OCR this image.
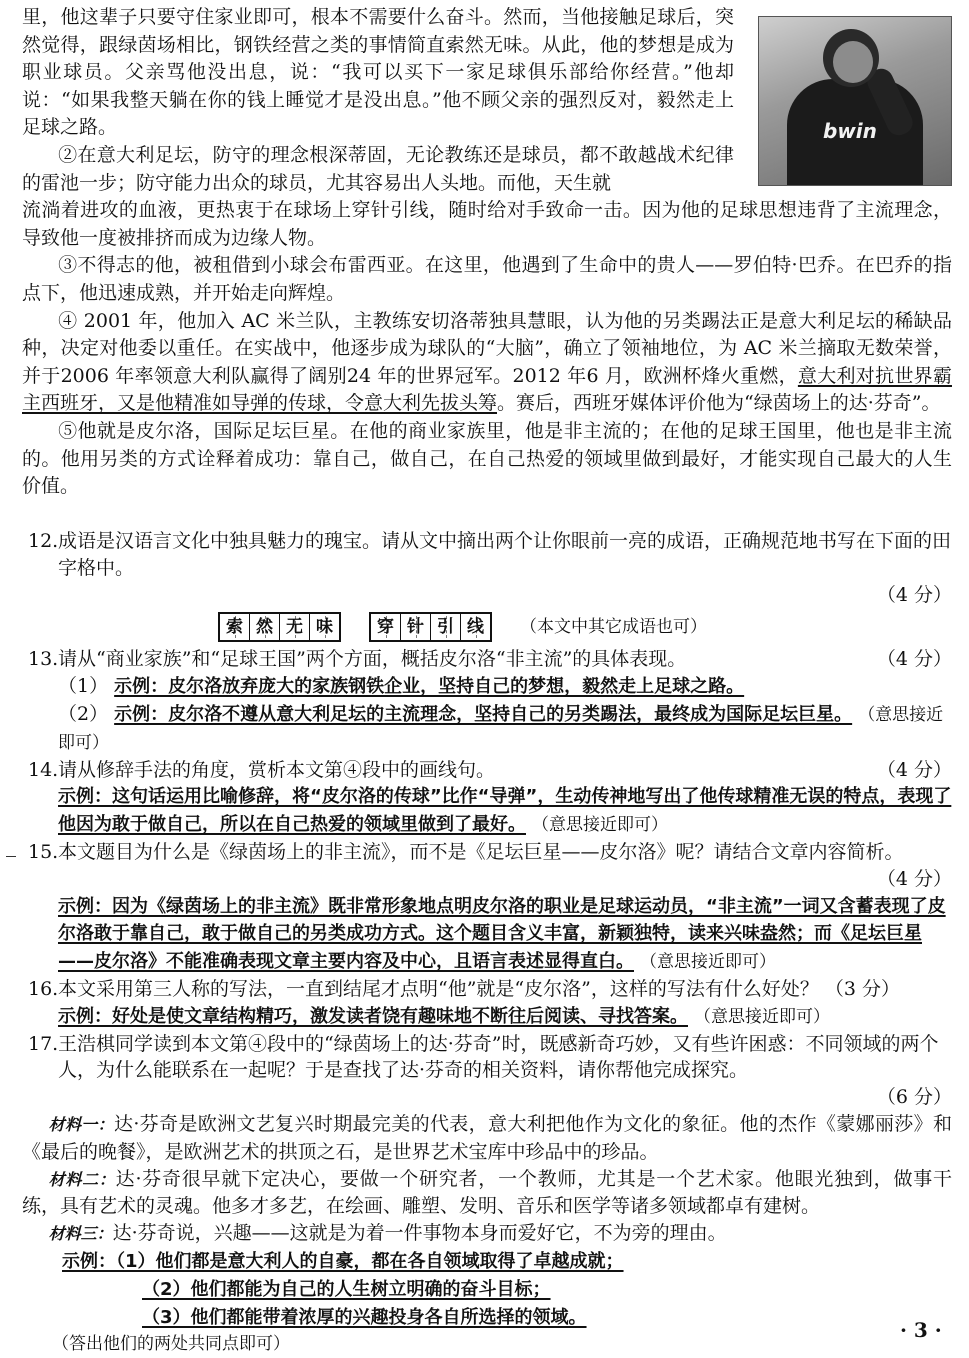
bwin

里，他这辈子只要守住家业即可，根本不需要什么奋斗。然而，当他接触足球后，突然觉得，跟绿茵场相比，钢铁经营之类的事情简直索然无味。从此，他的梦想是成为职业球员。父亲骂他没出息，说：“我可以买下一家足球俱乐部给你经营。”他却说：“如果我整天躺在你的钱上睡觉才是没出息。”他不顾父亲的强烈反对，毅然走上足球之路。

②在意大利足坛，防守的理念根深蒂固，无论教练还是球员，都不敢越战术纪律的雷池一步；防守能力出众的球员，尤其容易出人头地。而他，天生就

流淌着进攻的血液，更热衷于在球场上穿针引线，随时给对手致命一击。因为他的足球思想违背了主流理念，导致他一度被排挤而成为边缘人物。

③不得志的他，被租借到小球会布雷西亚。在这里，他遇到了生命中的贵人——罗伯特·巴乔。在巴乔的指点下，他迅速成熟，并开始走向辉煌。

④ 2001 年，他加入 AC 米兰队，主教练安切洛蒂独具慧眼，认为他的另类踢法正是意大利足坛的稀缺品种，决定对他委以重任。在实战中，他逐步成为球队的“大脑”，确立了领袖地位，为 AC 米兰摘取无数荣誉，并于2006 年率领意大利队赢得了阔别24 年的世界冠军。2012 年6 月，欧洲杯烽火重燃，意大利对抗世界霸主西班牙，又是他精准如导弹的传球，令意大利先拔头筹。赛后，西班牙媒体评价他为“绿茵场上的达·芬奇”。

⑤他就是皮尔洛，国际足坛巨星。在他的商业家族里，他是非主流的；在他的足球王国里，他也是非主流的。他用另类的方式诠释着成功：靠自己，做自己，在自己热爱的领域里做到最好，才能实现自己最大的人生价值。

12. 成语是汉语言文化中独具魅力的瑰宝。请从文中摘出两个让你眼前一亮的成语，正确规范地书写在下面的田字格中。
（4 分）
索 然 无 味	穿 针 引 线 （本文中其它成语也可）
13. 请从“商业家族”和“足球王国”两个方面，概括皮尔洛“非主流”的具体表现。	（4 分）
（1） 示例：皮尔洛放弃庞大的家族钢铁企业，坚持自己的梦想，毅然走上足球之路。
（2） 示例：皮尔洛不遵从意大利足坛的主流理念，坚持自己的另类踢法，最终成为国际足坛巨星。 （意思接近即可）
14. 请从修辞手法的角度，赏析本文第④段中的画线句。	（4 分）
示例：这句话运用比喻修辞，将“皮尔洛的传球”比作“导弹”，生动传神地写出了他传球精准无误的特点，表现了他因为敢于做自己，所以在自己热爱的领域里做到了最好。 （意思接近即可）
15. 本文题目为什么是《绿茵场上的非主流》，而不是《足坛巨星——皮尔洛》呢？请结合文章内容简析。
（4 分）
示例：因为《绿茵场上的非主流》既非常形象地点明皮尔洛的职业是足球运动员，“非主流”一词又含蓄表现了皮尔洛敢于靠自己，敢于做自己的另类成功方式。这个题目含义丰富，新颖独特，读来兴味盎然；而《足坛巨星——皮尔洛》不能准确表现文章主要内容及中心，且语言表述显得直白。 （意思接近即可）
16. 本文采用第三人称的写法，一直到结尾才点明“他”就是“皮尔洛”，这样的写法有什么好处？ （3 分）
示例：好处是使文章结构精巧，激发读者饶有趣味地不断往后阅读、寻找答案。 （意思接近即可）
17. 王浩棋同学读到本文第④段中的“绿茵场上的达·芬奇”时，既感新奇巧妙，又有些许困惑：不同领域的两个人，为什么能联系在一起呢？于是查找了达·芬奇的相关资料，请你帮他完成探究。
（6 分）

材料一：达·芬奇是欧洲文艺复兴时期最完美的代表，意大利把他作为文化的象征。他的杰作《蒙娜丽莎》和《最后的晚餐》，是欧洲艺术的拱顶之石，是世界艺术宝库中珍品中的珍品。

材料二：达·芬奇很早就下定决心，要做一个研究者，一个教师，尤其是一个艺术家。他眼光独到，做事干练，具有艺术的灵魂。他多才多艺，在绘画、雕塑、发明、音乐和医学等诸多领域都卓有建树。

材料三：达·芬奇说，兴趣——这就是为着一件事物本身而爱好它，不为旁的理由。

示例：（1）他们都是意大利人的自豪，都在各自领域取得了卓越成就；
（2）他们都能为自己的人生树立明确的奋斗目标；
（3）他们都能带着浓厚的兴趣投身各自所选择的领域。
（答出他们的两处共同点即可）
· 3 ·
